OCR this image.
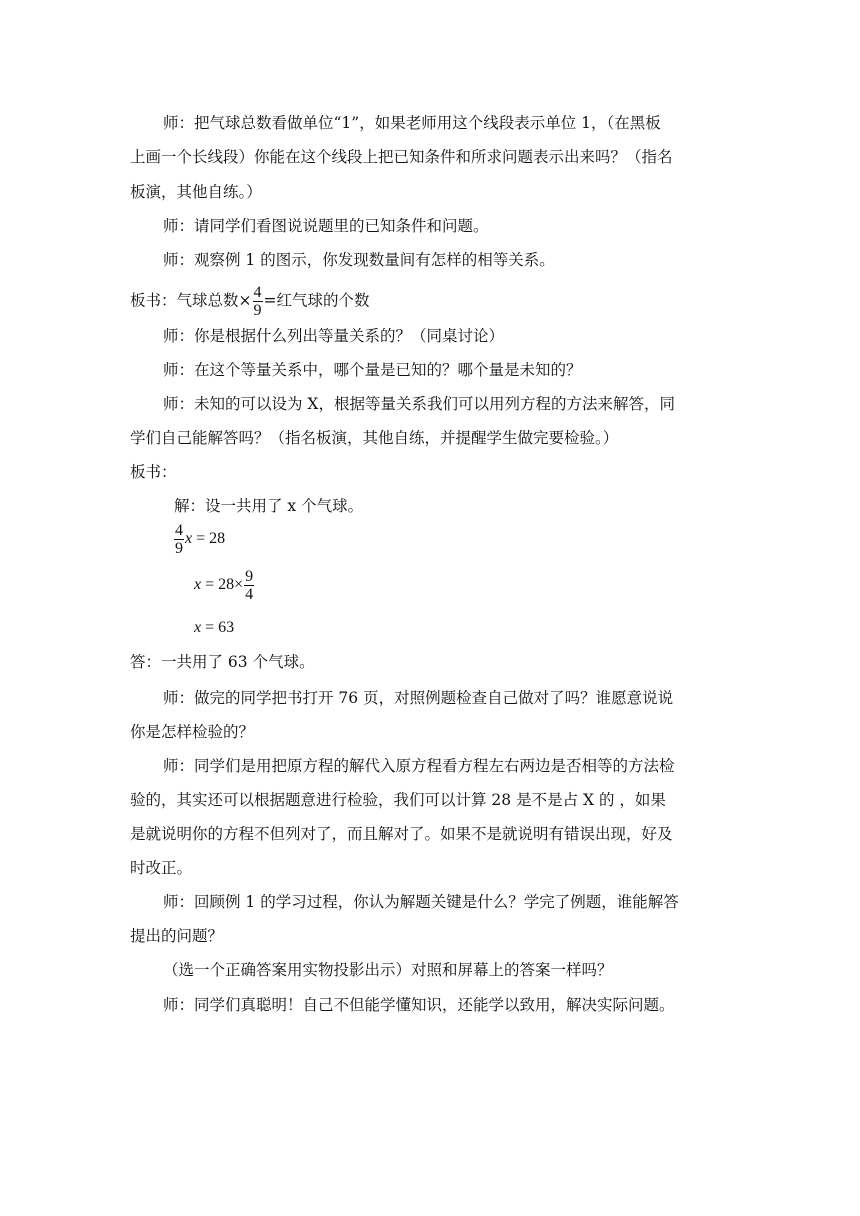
师：把气球总数看做单位“1”，如果老师用这个线段表示单位 1，（在黑板
上画一个长线段）你能在这个线段上把已知条件和所求问题表示出来吗？（指名
板演，其他自练。）
师：请同学们看图说说题里的已知条件和问题。
师：观察例 1 的图示，你发现数量间有怎样的相等关系。
板书：气球总数× $\frac{4}{9}$ =红气球的个数
师：你是根据什么列出等量关系的？（同桌讨论）
师：在这个等量关系中，哪个量是已知的？哪个量是未知的？
师：未知的可以设为 X，根据等量关系我们可以用列方程的方法来解答，同
学们自己能解答吗？（指名板演，其他自练，并提醒学生做完要检验。）
板书：
解：设一共用了 x 个气球。
$\frac{4}{9}$ x = 28
$x = 28\times \frac{9}{4}$
x = 63
答：一共用了 63 个气球。
师：做完的同学把书打开 76 页，对照例题检查自己做对了吗？谁愿意说说
你是怎样检验的？
师：同学们是用把原方程的解代入原方程看方程左右两边是否相等的方法检
验的，其实还可以根据题意进行检验，我们可以计算 28 是不是占 X 的 ，如果
是就说明你的方程不但列对了，而且解对了。如果不是就说明有错误出现，好及
时改正。
师：回顾例 1 的学习过程，你认为解题关键是什么？学完了例题，谁能解答
提出的问题？
（选一个正确答案用实物投影出示）对照和屏幕上的答案一样吗？
师：同学们真聪明！自己不但能学懂知识，还能学以致用，解决实际问题。
